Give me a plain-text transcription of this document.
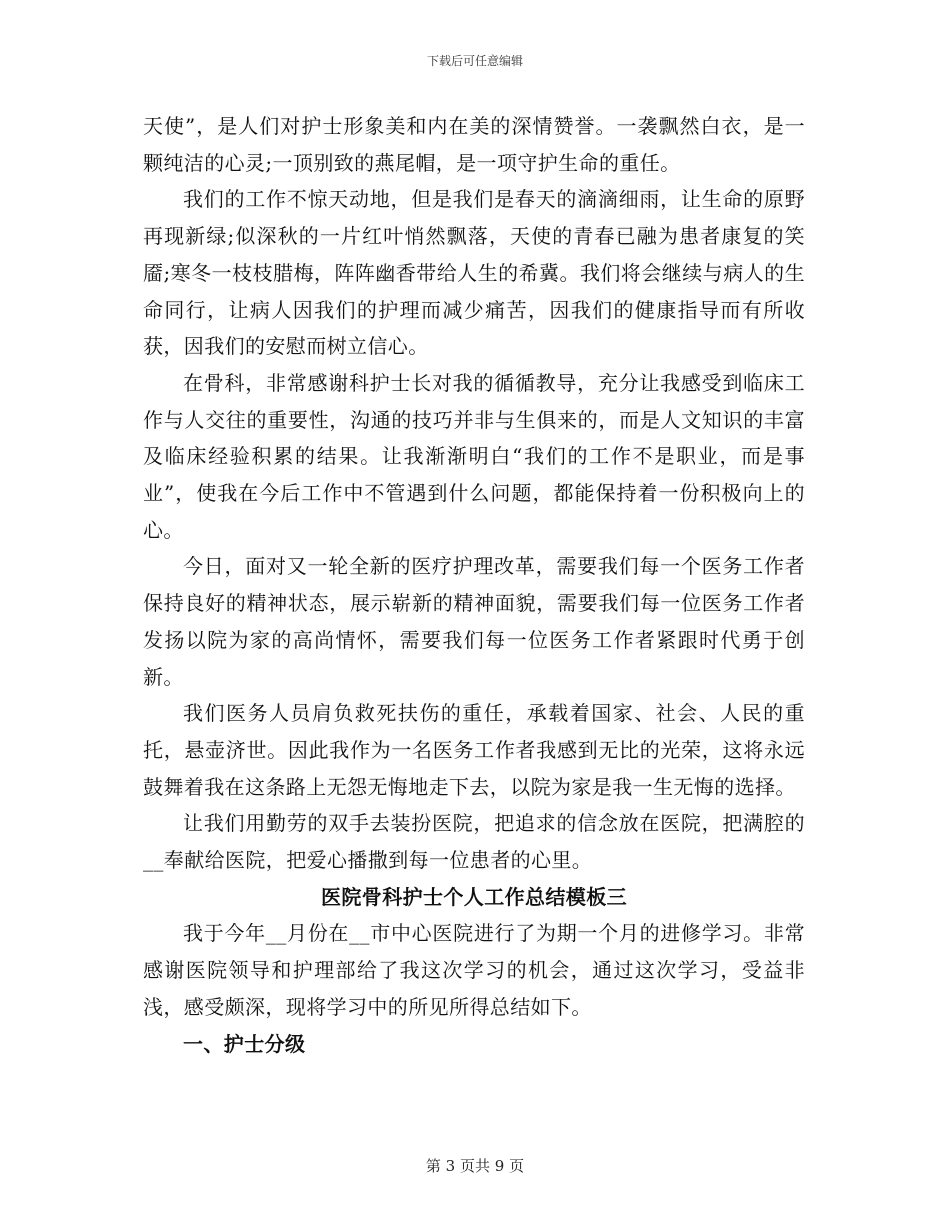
下载后可任意编辑

天使”，是人们对护士形象美和内在美的深情赞誉。一袭飘然白衣，是一颗纯洁的心灵;一顶别致的燕尾帽，是一项守护生命的重任。

我们的工作不惊天动地，但是我们是春天的滴滴细雨，让生命的原野再现新绿;似深秋的一片红叶悄然飘落，天使的青春已融为患者康复的笑靥;寒冬一枝枝腊梅，阵阵幽香带给人生的希冀。我们将会继续与病人的生命同行，让病人因我们的护理而减少痛苦，因我们的健康指导而有所收获，因我们的安慰而树立信心。

在骨科，非常感谢科护士长对我的循循教导，充分让我感受到临床工作与人交往的重要性，沟通的技巧并非与生俱来的，而是人文知识的丰富及临床经验积累的结果。让我渐渐明白“我们的工作不是职业，而是事业”，使我在今后工作中不管遇到什么问题，都能保持着一份积极向上的心。

今日，面对又一轮全新的医疗护理改革，需要我们每一个医务工作者保持良好的精神状态，展示崭新的精神面貌，需要我们每一位医务工作者发扬以院为家的高尚情怀，需要我们每一位医务工作者紧跟时代勇于创新。

我们医务人员肩负救死扶伤的重任，承载着国家、社会、人民的重托，悬壶济世。因此我作为一名医务工作者我感到无比的光荣，这将永远鼓舞着我在这条路上无怨无悔地走下去，以院为家是我一生无悔的选择。

让我们用勤劳的双手去装扮医院，把追求的信念放在医院，把满腔的__奉献给医院，把爱心播撒到每一位患者的心里。

医院骨科护士个人工作总结模板三

我于今年__月份在__市中心医院进行了为期一个月的进修学习。非常感谢医院领导和护理部给了我这次学习的机会，通过这次学习，受益非浅，感受颇深，现将学习中的所见所得总结如下。

一、护士分级
第 3 页共 9 页
